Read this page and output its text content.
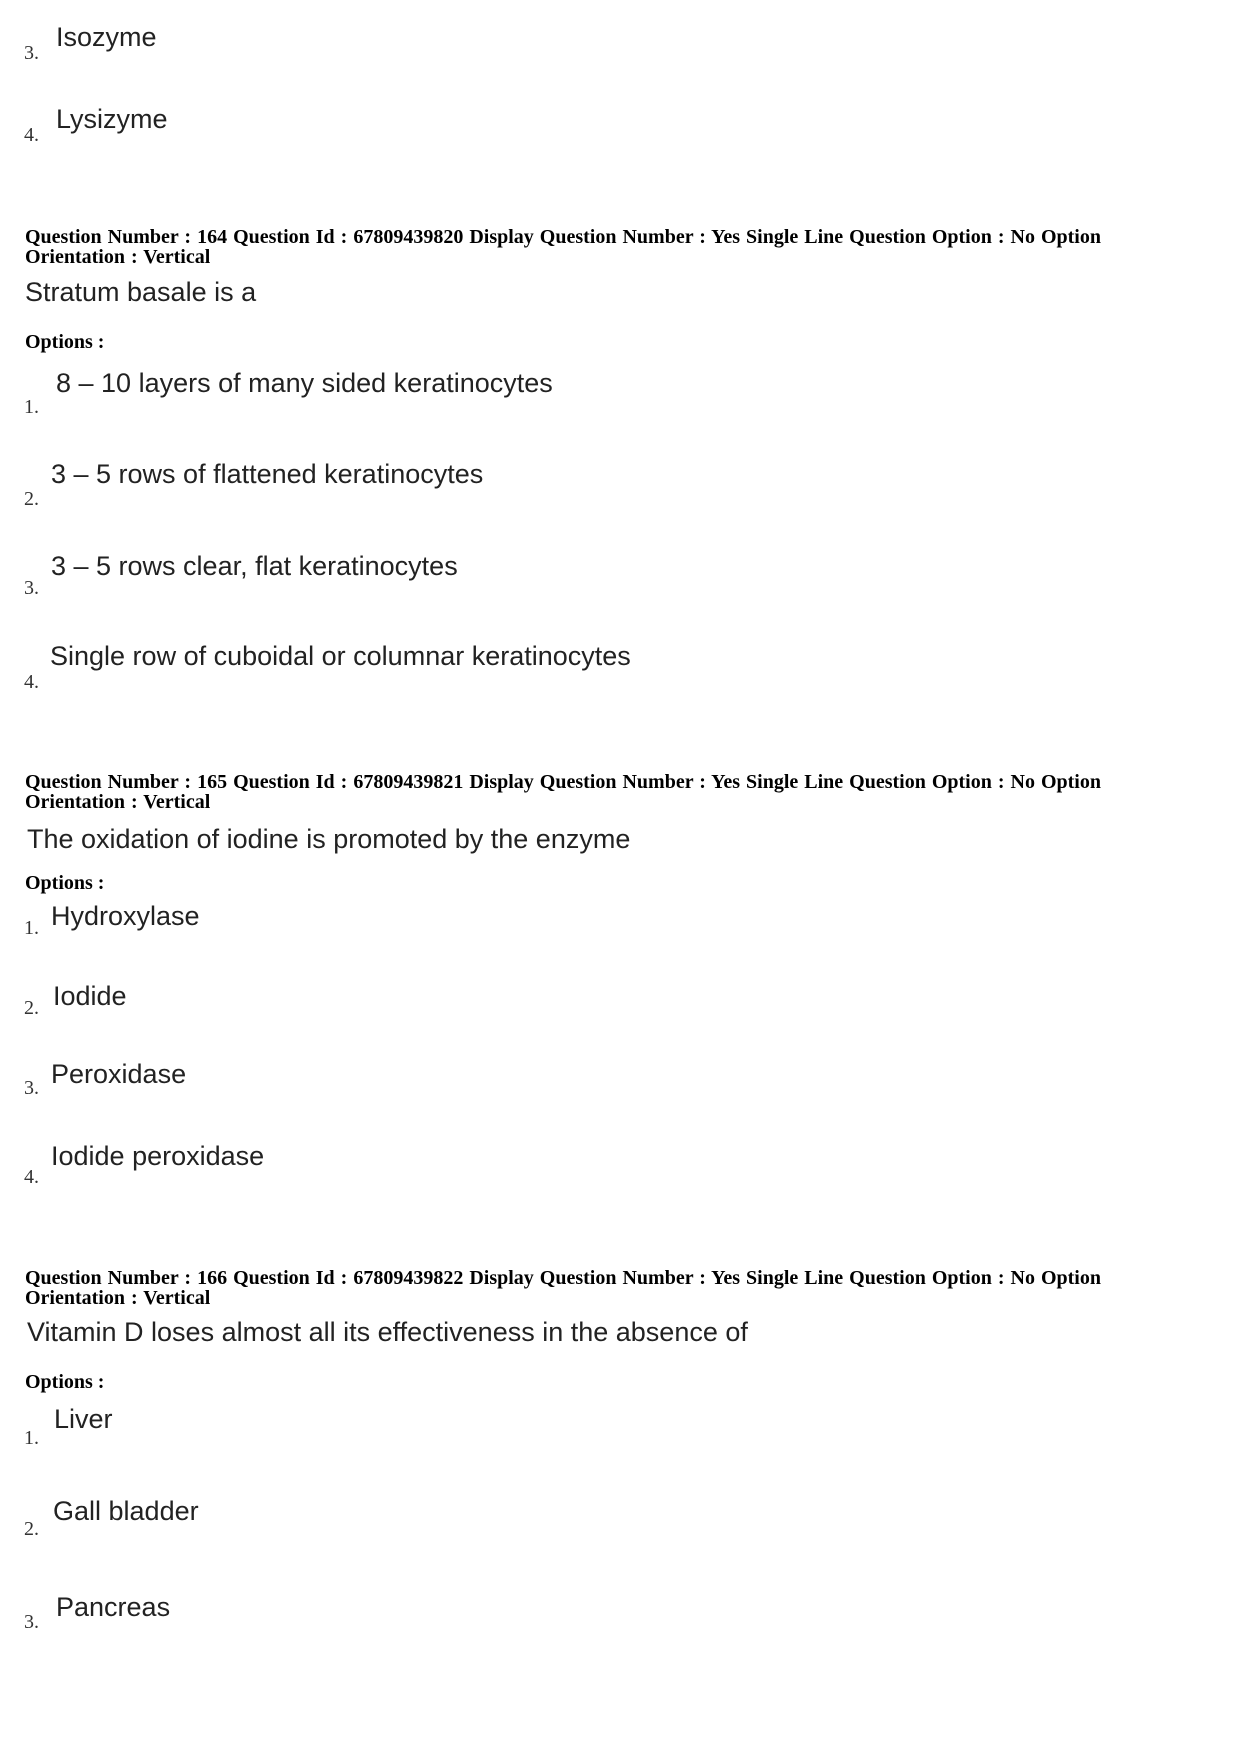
3.
Isozyme
4.
Lysizyme
Question Number : 164 Question Id : 67809439820 Display Question Number : Yes Single Line Question Option : No Option
Orientation : Vertical
Stratum basale is a
Options :
1.
8 – 10 layers of many sided keratinocytes
2.
3 – 5 rows of flattened keratinocytes
3.
3 – 5 rows clear, flat keratinocytes
4.
Single row of cuboidal or columnar keratinocytes
Question Number : 165 Question Id : 67809439821 Display Question Number : Yes Single Line Question Option : No Option
Orientation : Vertical
The oxidation of iodine is promoted by the enzyme
Options :
1. Hydroxylase
2. Iodide
3. Peroxidase
4.
Iodide peroxidase
Question Number : 166 Question Id : 67809439822 Display Question Number : Yes Single Line Question Option : No Option
Orientation : Vertical
Vitamin D loses almost all its effectiveness in the absence of
Options :
1.
Liver
2.
Gall bladder
3. Pancreas
